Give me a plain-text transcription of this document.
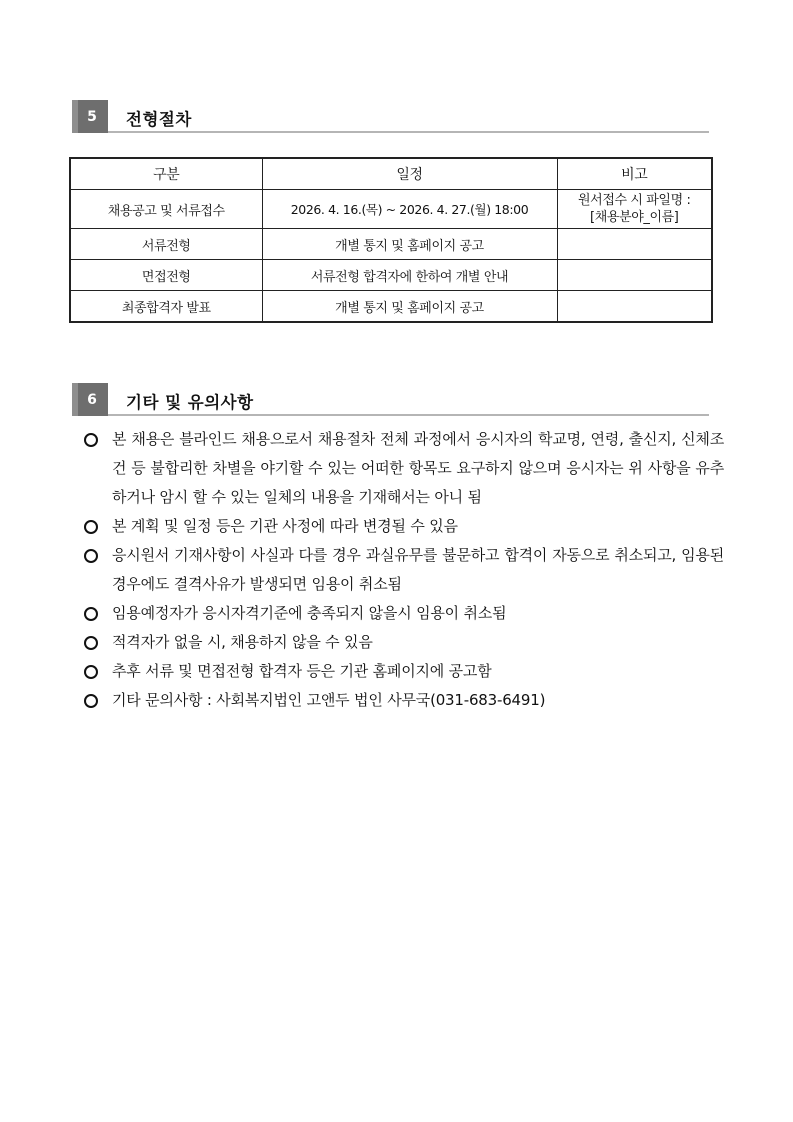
5	전형절차
구분	일정	비고
채용공고 및 서류접수	2026. 4. 16.(목) ~ 2026. 4. 27.(월) 18:00	원서접수 시 파일명 :
[채용분야_이름]

서류전형	개별 통지 및 홈페이지 공고	
면접전형	서류전형 합격자에 한하여 개별 안내	
최종합격자 발표	개별 통지 및 홈페이지 공고	
6	기타 및 유의사항
본 채용은 블라인드 채용으로서 채용절차 전체 과정에서 응시자의 학교명, 연령, 출신지, 신체조건 등 불합리한 차별을 야기할 수 있는 어떠한 항목도 요구하지 않으며 응시자는 위 사항을 유추하거나 암시 할 수 있는 일체의 내용을 기재해서는 아니 됨
본 계획 및 일정 등은 기관 사정에 따라 변경될 수 있음
응시원서 기재사항이 사실과 다를 경우 과실유무를 불문하고 합격이 자동으로 취소되고, 임용된 경우에도 결격사유가 발생되면 임용이 취소됨
임용예정자가 응시자격기준에 충족되지 않을시 임용이 취소됨
적격자가 없을 시, 채용하지 않을 수 있음
추후 서류 및 면접전형 합격자 등은 기관 홈페이지에 공고함
기타 문의사항 : 사회복지법인 고앤두 법인 사무국(031-683-6491)
